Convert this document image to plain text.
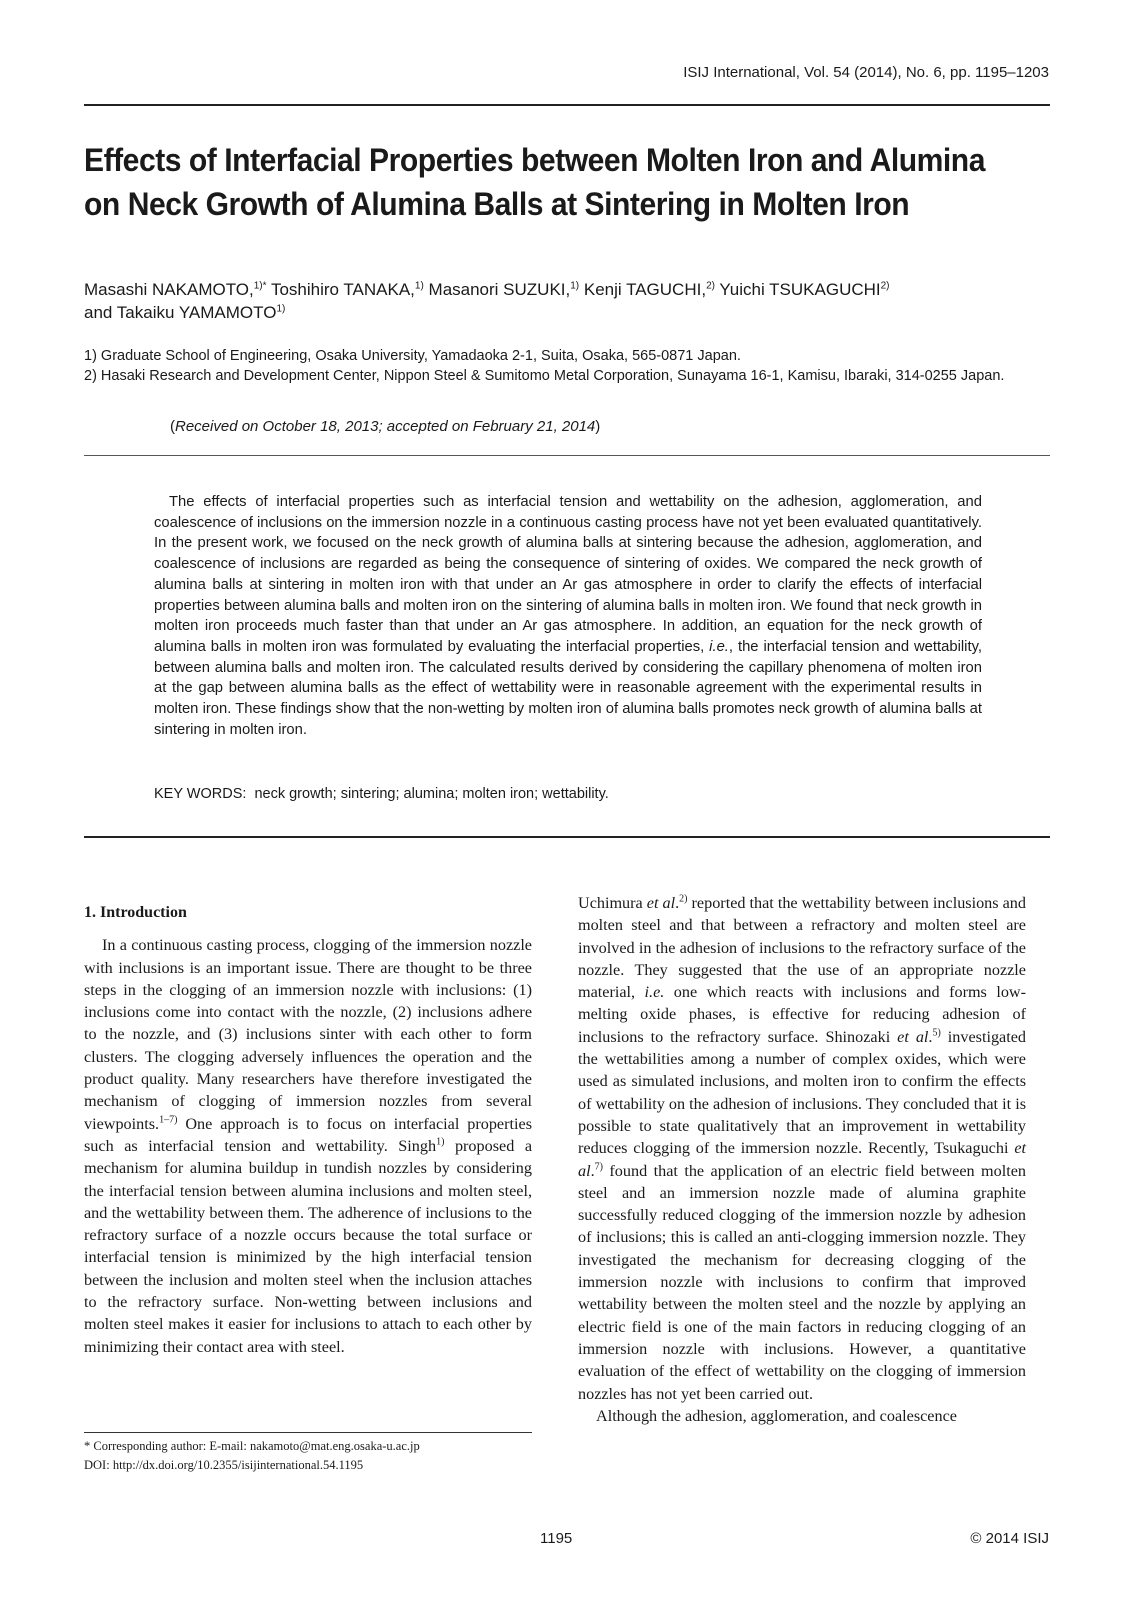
ISIJ International, Vol. 54 (2014), No. 6, pp. 1195–1203
Effects of Interfacial Properties between Molten Iron and Alumina on Neck Growth of Alumina Balls at Sintering in Molten Iron
Masashi NAKAMOTO,$^{1)*}$ Toshihiro TANAKA,$^{1)}$ Masanori SUZUKI,$^{1)}$ Kenji TAGUCHI,$^{2)}$ Yuichi TSUKAGUCHI$^{2)}$
and Takaiku YAMAMOTO$^{1)}$
1) Graduate School of Engineering, Osaka University, Yamadaoka 2-1, Suita, Osaka, 565-0871 Japan.
2) Hasaki Research and Development Center, Nippon Steel & Sumitomo Metal Corporation, Sunayama 16-1, Kamisu, Ibaraki, 314-0255 Japan.
(Received on October 18, 2013; accepted on February 21, 2014)

The effects of interfacial properties such as interfacial tension and wettability on the adhesion, agglomeration, and coalescence of inclusions on the immersion nozzle in a continuous casting process have not yet been evaluated quantitatively. In the present work, we focused on the neck growth of alumina balls at sintering because the adhesion, agglomeration, and coalescence of inclusions are regarded as being the consequence of sintering of oxides. We compared the neck growth of alumina balls at sintering in molten iron with that under an Ar gas atmosphere in order to clarify the effects of interfacial properties between alumina balls and molten iron on the sintering of alumina balls in molten iron. We found that neck growth in molten iron proceeds much faster than that under an Ar gas atmosphere. In addition, an equation for the neck growth of alumina balls in molten iron was formulated by evaluating the interfacial properties, i.e., the interfacial tension and wettability, between alumina balls and molten iron. The calculated results derived by considering the capillary phenomena of molten iron at the gap between alumina balls as the effect of wettability were in reasonable agreement with the experimental results in molten iron. These findings show that the non-wetting by molten iron of alumina balls promotes neck growth of alumina balls at sintering in molten iron.

KEY WORDS: neck growth; sintering; alumina; molten iron; wettability.

1. Introduction

In a continuous casting process, clogging of the immersion nozzle with inclusions is an important issue. There are thought to be three steps in the clogging of an immersion nozzle with inclusions: (1) inclusions come into contact with the nozzle, (2) inclusions adhere to the nozzle, and (3) inclusions sinter with each other to form clusters. The clogging adversely influences the operation and the product quality. Many researchers have therefore investigated the mechanism of clogging of immersion nozzles from several viewpoints.$^{1-7)}$ One approach is to focus on interfacial properties such as interfacial tension and wettability. Singh$^{1)}$ proposed a mechanism for alumina buildup in tundish nozzles by considering the interfacial tension between alumina inclusions and molten steel, and the wettability between them. The adherence of inclusions to the refractory surface of a nozzle occurs because the total surface or interfacial tension is minimized by the high interfacial tension between the inclusion and molten steel when the inclusion attaches to the refractory surface. Non-wetting between inclusions and molten steel makes it easier for inclusions to attach to each other by minimizing their contact area with steel.

Uchimura et al.$^{2)}$ reported that the wettability between inclusions and molten steel and that between a refractory and molten steel are involved in the adhesion of inclusions to the refractory surface of the nozzle. They suggested that the use of an appropriate nozzle material, i.e. one which reacts with inclusions and forms low-melting oxide phases, is effective for reducing adhesion of inclusions to the refractory surface. Shinozaki et al.$^{5)}$ investigated the wettabilities among a number of complex oxides, which were used as simulated inclusions, and molten iron to confirm the effects of wettability on the adhesion of inclusions. They concluded that it is possible to state qualitatively that an improvement in wettability reduces clogging of the immersion nozzle. Recently, Tsukaguchi et al.$^{7)}$ found that the application of an electric field between molten steel and an immersion nozzle made of alumina graphite successfully reduced clogging of the immersion nozzle by adhesion of inclusions; this is called an anti-clogging immersion nozzle. They investigated the mechanism for decreasing clogging of the immersion nozzle with inclusions to confirm that improved wettability between the molten steel and the nozzle by applying an electric field is one of the main factors in reducing clogging of an immersion nozzle with inclusions. However, a quantitative evaluation of the effect of wettability on the clogging of immersion nozzles has not yet been carried out.

Although the adhesion, agglomeration, and coalescence

* Corresponding author: E-mail: nakamoto@mat.eng.osaka-u.ac.jp
DOI: http://dx.doi.org/10.2355/isijinternational.54.1195
1195	© 2014 ISIJ
